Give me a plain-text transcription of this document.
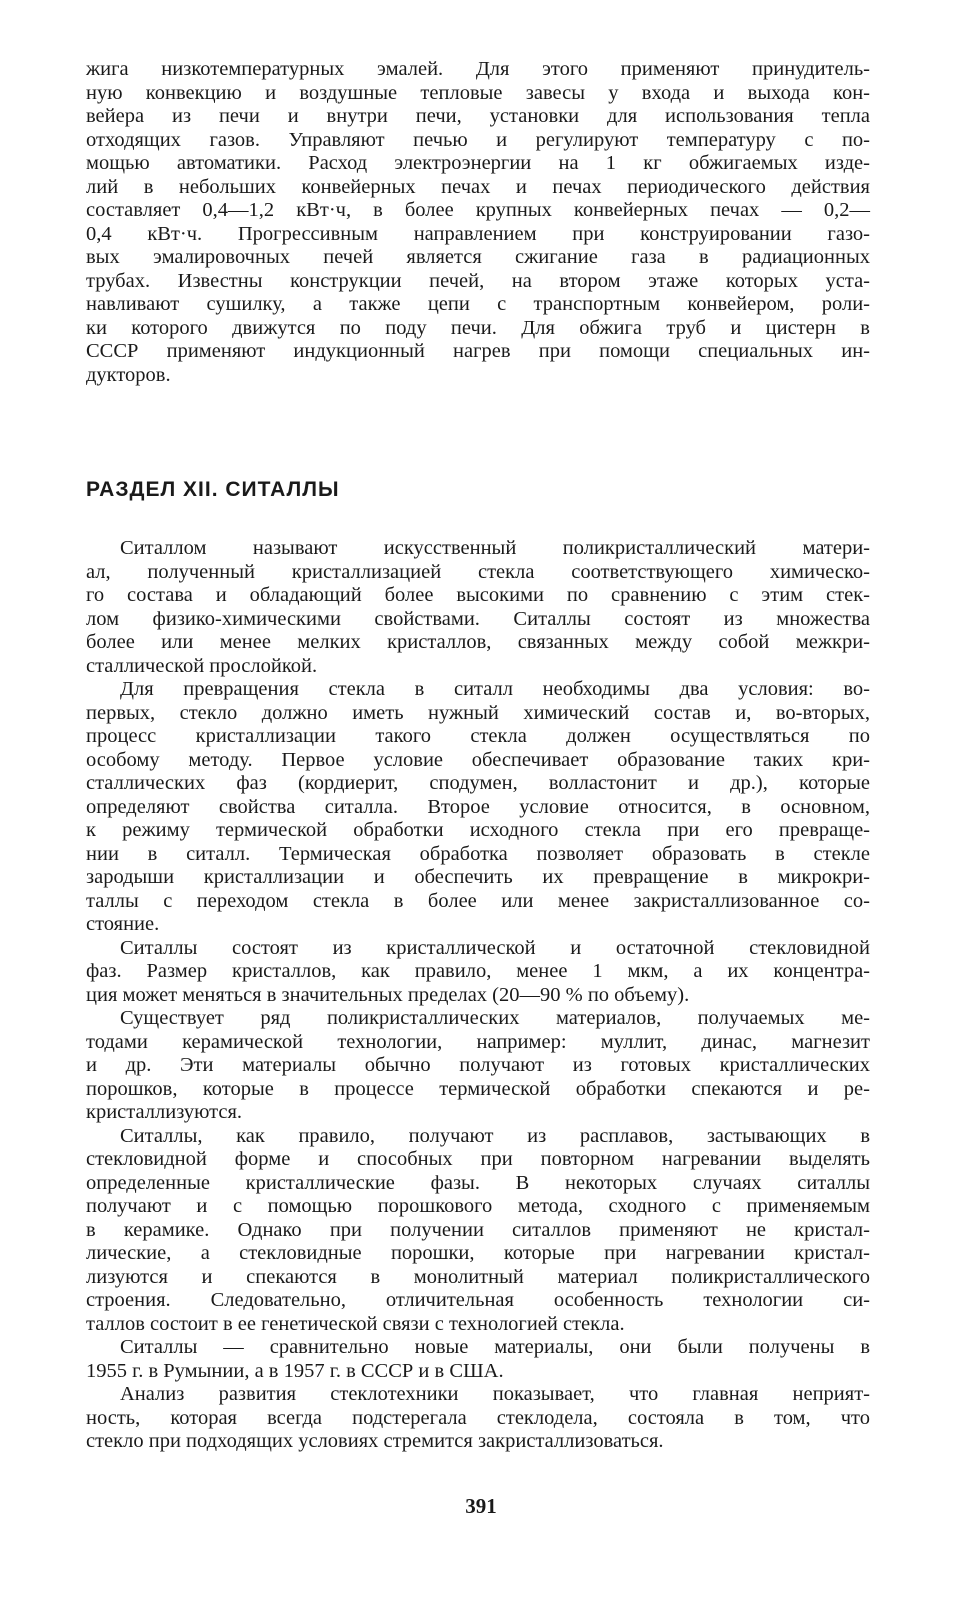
жига низкотемпературных эмалей. Для этого применяют принудитель-
ную конвекцию и воздушные тепловые завесы у входа и выхода кон-
вейера из печи и внутри печи, установки для использования тепла
отходящих газов. Управляют печью и регулируют температуру с по-
мощью автоматики. Расход электроэнергии на 1 кг обжигаемых изде-
лий в небольших конвейерных печах и печах периодического действия
составляет 0,4—1,2 кВт·ч, в более крупных конвейерных печах — 0,2—
0,4 кВт·ч. Прогрессивным направлением при конструировании газо-
вых эмалировочных печей является сжигание газа в радиационных
трубах. Известны конструкции печей, на втором этаже которых уста-
навливают сушилку, а также цепи с транспортным конвейером, роли-
ки которого движутся по поду печи. Для обжига труб и цистерн в
СССР применяют индукционный нагрев при помощи специальных ин-
дукторов.
РАЗДЕЛ XII. СИТАЛЛЫ
Ситаллом называют искусственный поликристаллический матери-
ал, полученный кристаллизацией стекла соответствующего химическо-
го состава и обладающий более высокими по сравнению с этим стек-
лом физико-химическими свойствами. Ситаллы состоят из множества
более или менее мелких кристаллов, связанных между собой межкри-
сталлической прослойкой.
Для превращения стекла в ситалл необходимы два условия: во-
первых, стекло должно иметь нужный химический состав и, во-вторых,
процесс кристаллизации такого стекла должен осуществляться по
особому методу. Первое условие обеспечивает образование таких кри-
сталлических фаз (кордиерит, сподумен, волластонит и др.), которые
определяют свойства ситалла. Второе условие относится, в основном,
к режиму термической обработки исходного стекла при его превраще-
нии в ситалл. Термическая обработка позволяет образовать в стекле
зародыши кристаллизации и обеспечить их превращение в микрокри-
таллы с переходом стекла в более или менее закристаллизованное со-
стояние.
Ситаллы состоят из кристаллической и остаточной стекловидной
фаз. Размер кристаллов, как правило, менее 1 мкм, а их концентра-
ция может меняться в значительных пределах (20—90 % по объему).
Существует ряд поликристаллических материалов, получаемых ме-
тодами керамической технологии, например: муллит, динас, магнезит
и др. Эти материалы обычно получают из готовых кристаллических
порошков, которые в процессе термической обработки спекаются и ре-
кристаллизуются.
Ситаллы, как правило, получают из расплавов, застывающих в
стекловидной форме и способных при повторном нагревании выделять
определенные кристаллические фазы. В некоторых случаях ситаллы
получают и с помощью порошкового метода, сходного с применяемым
в керамике. Однако при получении ситаллов применяют не кристал-
лические, а стекловидные порошки, которые при нагревании кристал-
лизуются и спекаются в монолитный материал поликристаллического
строения. Следовательно, отличительная особенность технологии си-
таллов состоит в ее генетической связи с технологией стекла.
Ситаллы — сравнительно новые материалы, они были получены в
1955 г. в Румынии, а в 1957 г. в СССР и в США.
Анализ развития стеклотехники показывает, что главная неприят-
ность, которая всегда подстерегала стеклодела, состояла в том, что
стекло при подходящих условиях стремится закристаллизоваться.
391
